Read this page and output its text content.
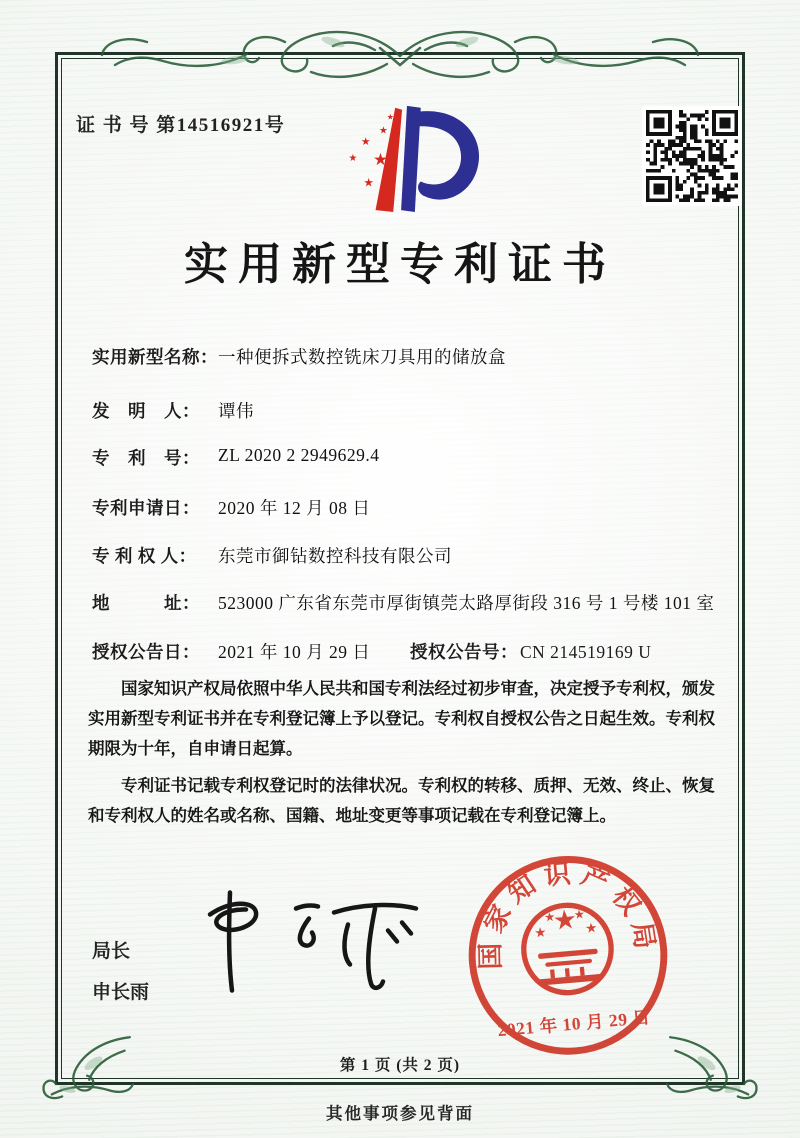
证 书 号 第14516921号	★
★
★ ★
★
★
实用新型专利证书
实用新型名称： 一种便拆式数控铣床刀具用的储放盒
发　明　人：	谭伟
专　利　号：	ZL 2020 2 2949629.4
专利申请日：	2020 年 12 月 08 日
专 利 权 人：	东莞市御钻数控科技有限公司
地　　　址：	523000 广东省东莞市厚街镇莞太路厚街段 316 号 1 号楼 101 室
授权公告日：	2021 年 10 月 29 日 授权公告号： CN 214519169 U

国家知识产权局依照中华人民共和国专利法经过初步审查，决定授予专利权，颁发实用新型专利证书并在专利登记簿上予以登记。专利权自授权公告之日起生效。专利权期限为十年，自申请日起算。

专利证书记载专利权登记时的法律状况。专利权的转移、质押、无效、终止、恢复和专利权人的姓名或名称、国籍、地址变更等事项记载在专利登记簿上。

局长
申长雨
国家知识产权局
★
★	★
★ ★
2021 年 10 月 29 日
第 1 页 (共 2 页)
其他事项参见背面
